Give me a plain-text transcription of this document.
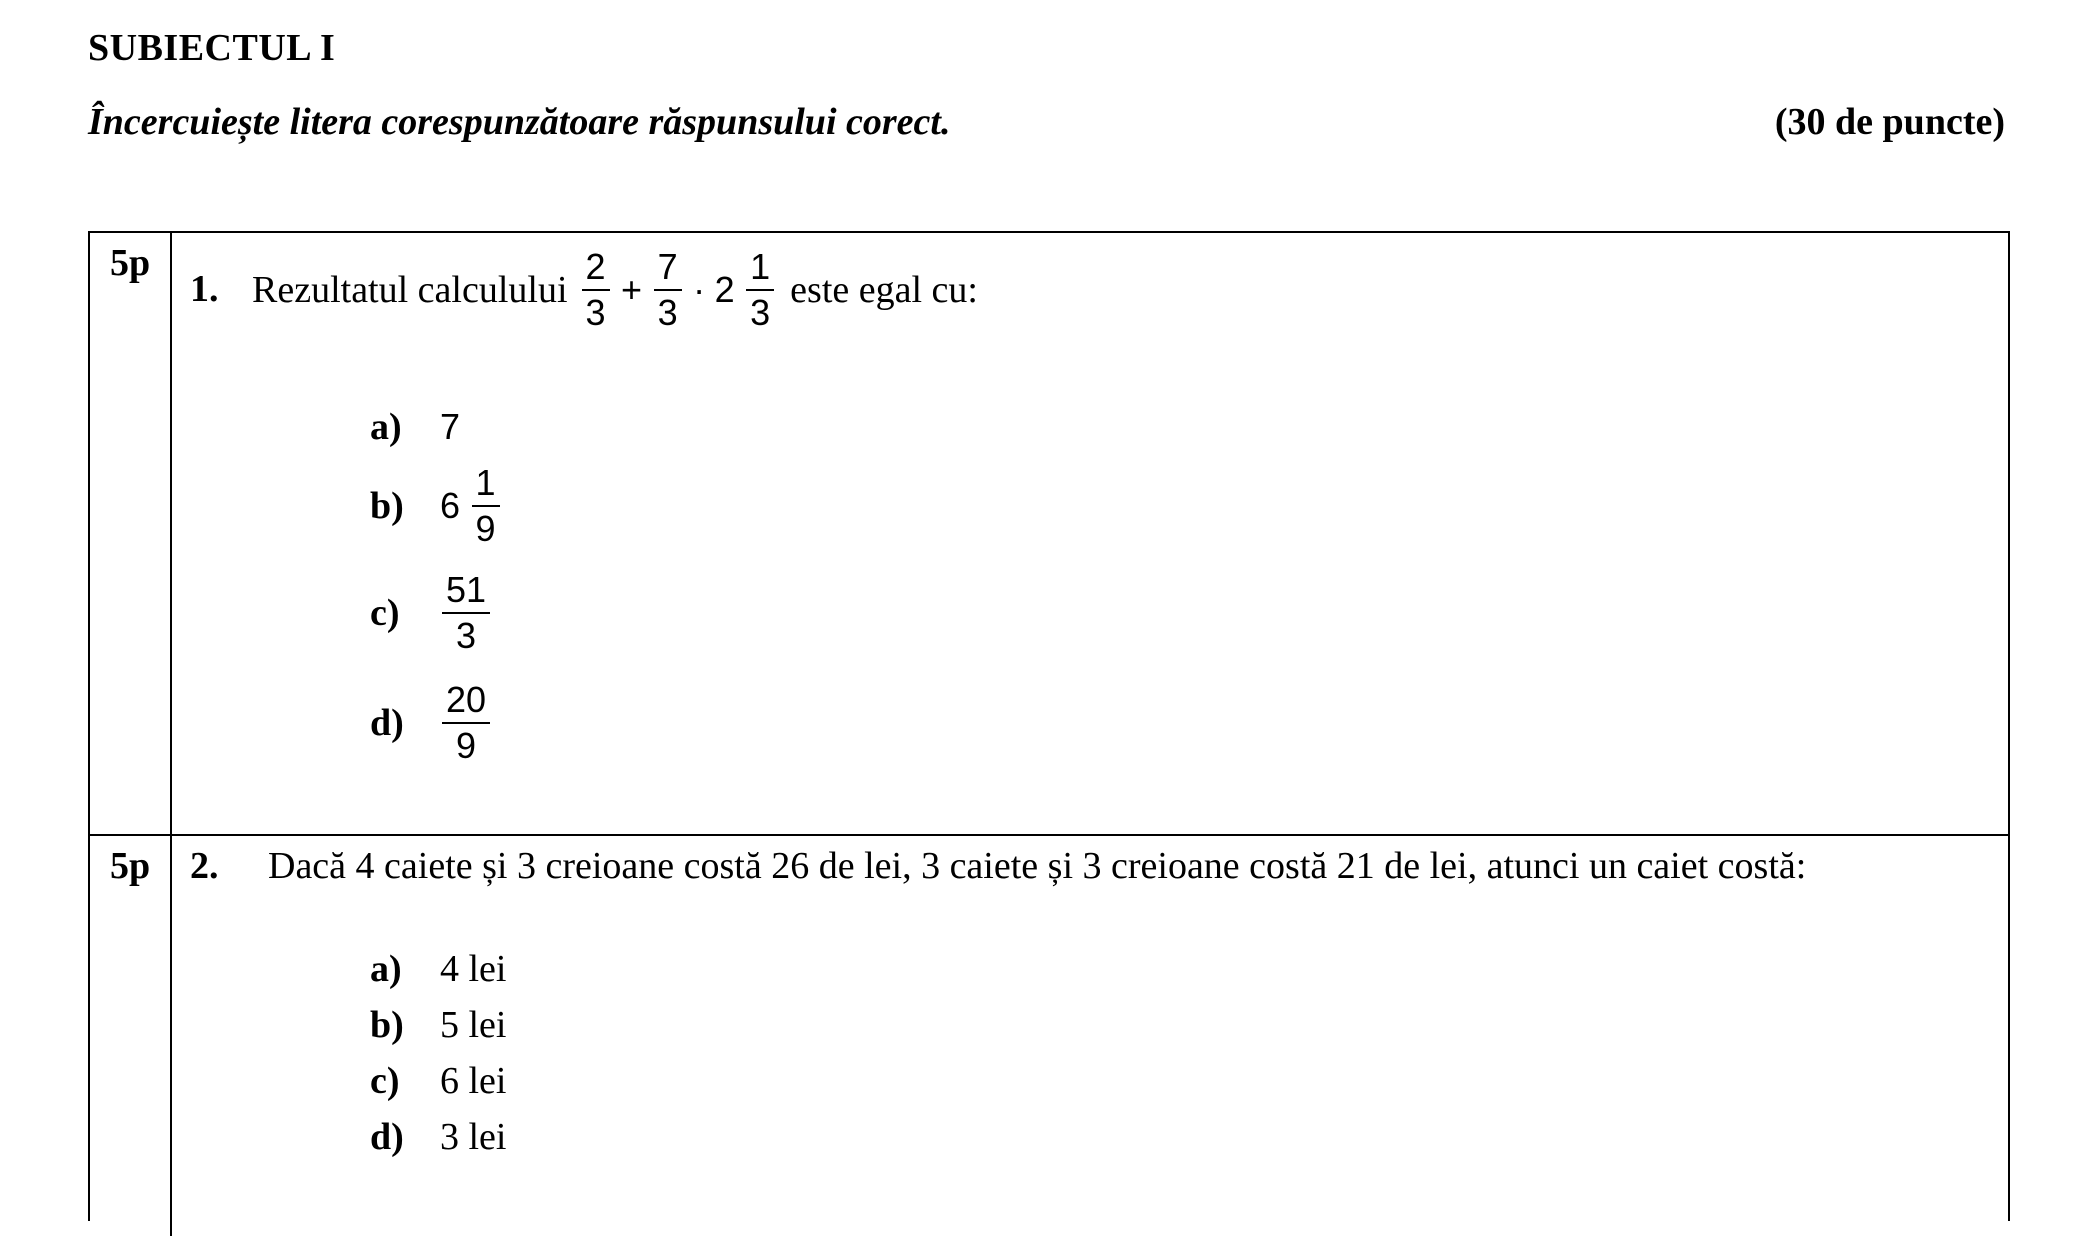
SUBIECTUL I
Încercuiește litera corespunzătoare răspunsului corect.	(30 de puncte)
5p
1. Rezultatul calculului $\frac{2}{3} + \frac{7}{3} \cdot 2 \frac{1}{3}$ este egal cu:
a)	7
b)	$6 \frac{1}{9}$
c)	$\frac{51}{3}$
d)	$\frac{20}{9}$
5p 2. Dacă 4 caiete și 3 creioane costă 26 de lei, 3 caiete și 3 creioane costă 21 de lei, atunci un caiet costă:
a)	4 lei
b) 5 lei
c)	6 lei
d) 3 lei
